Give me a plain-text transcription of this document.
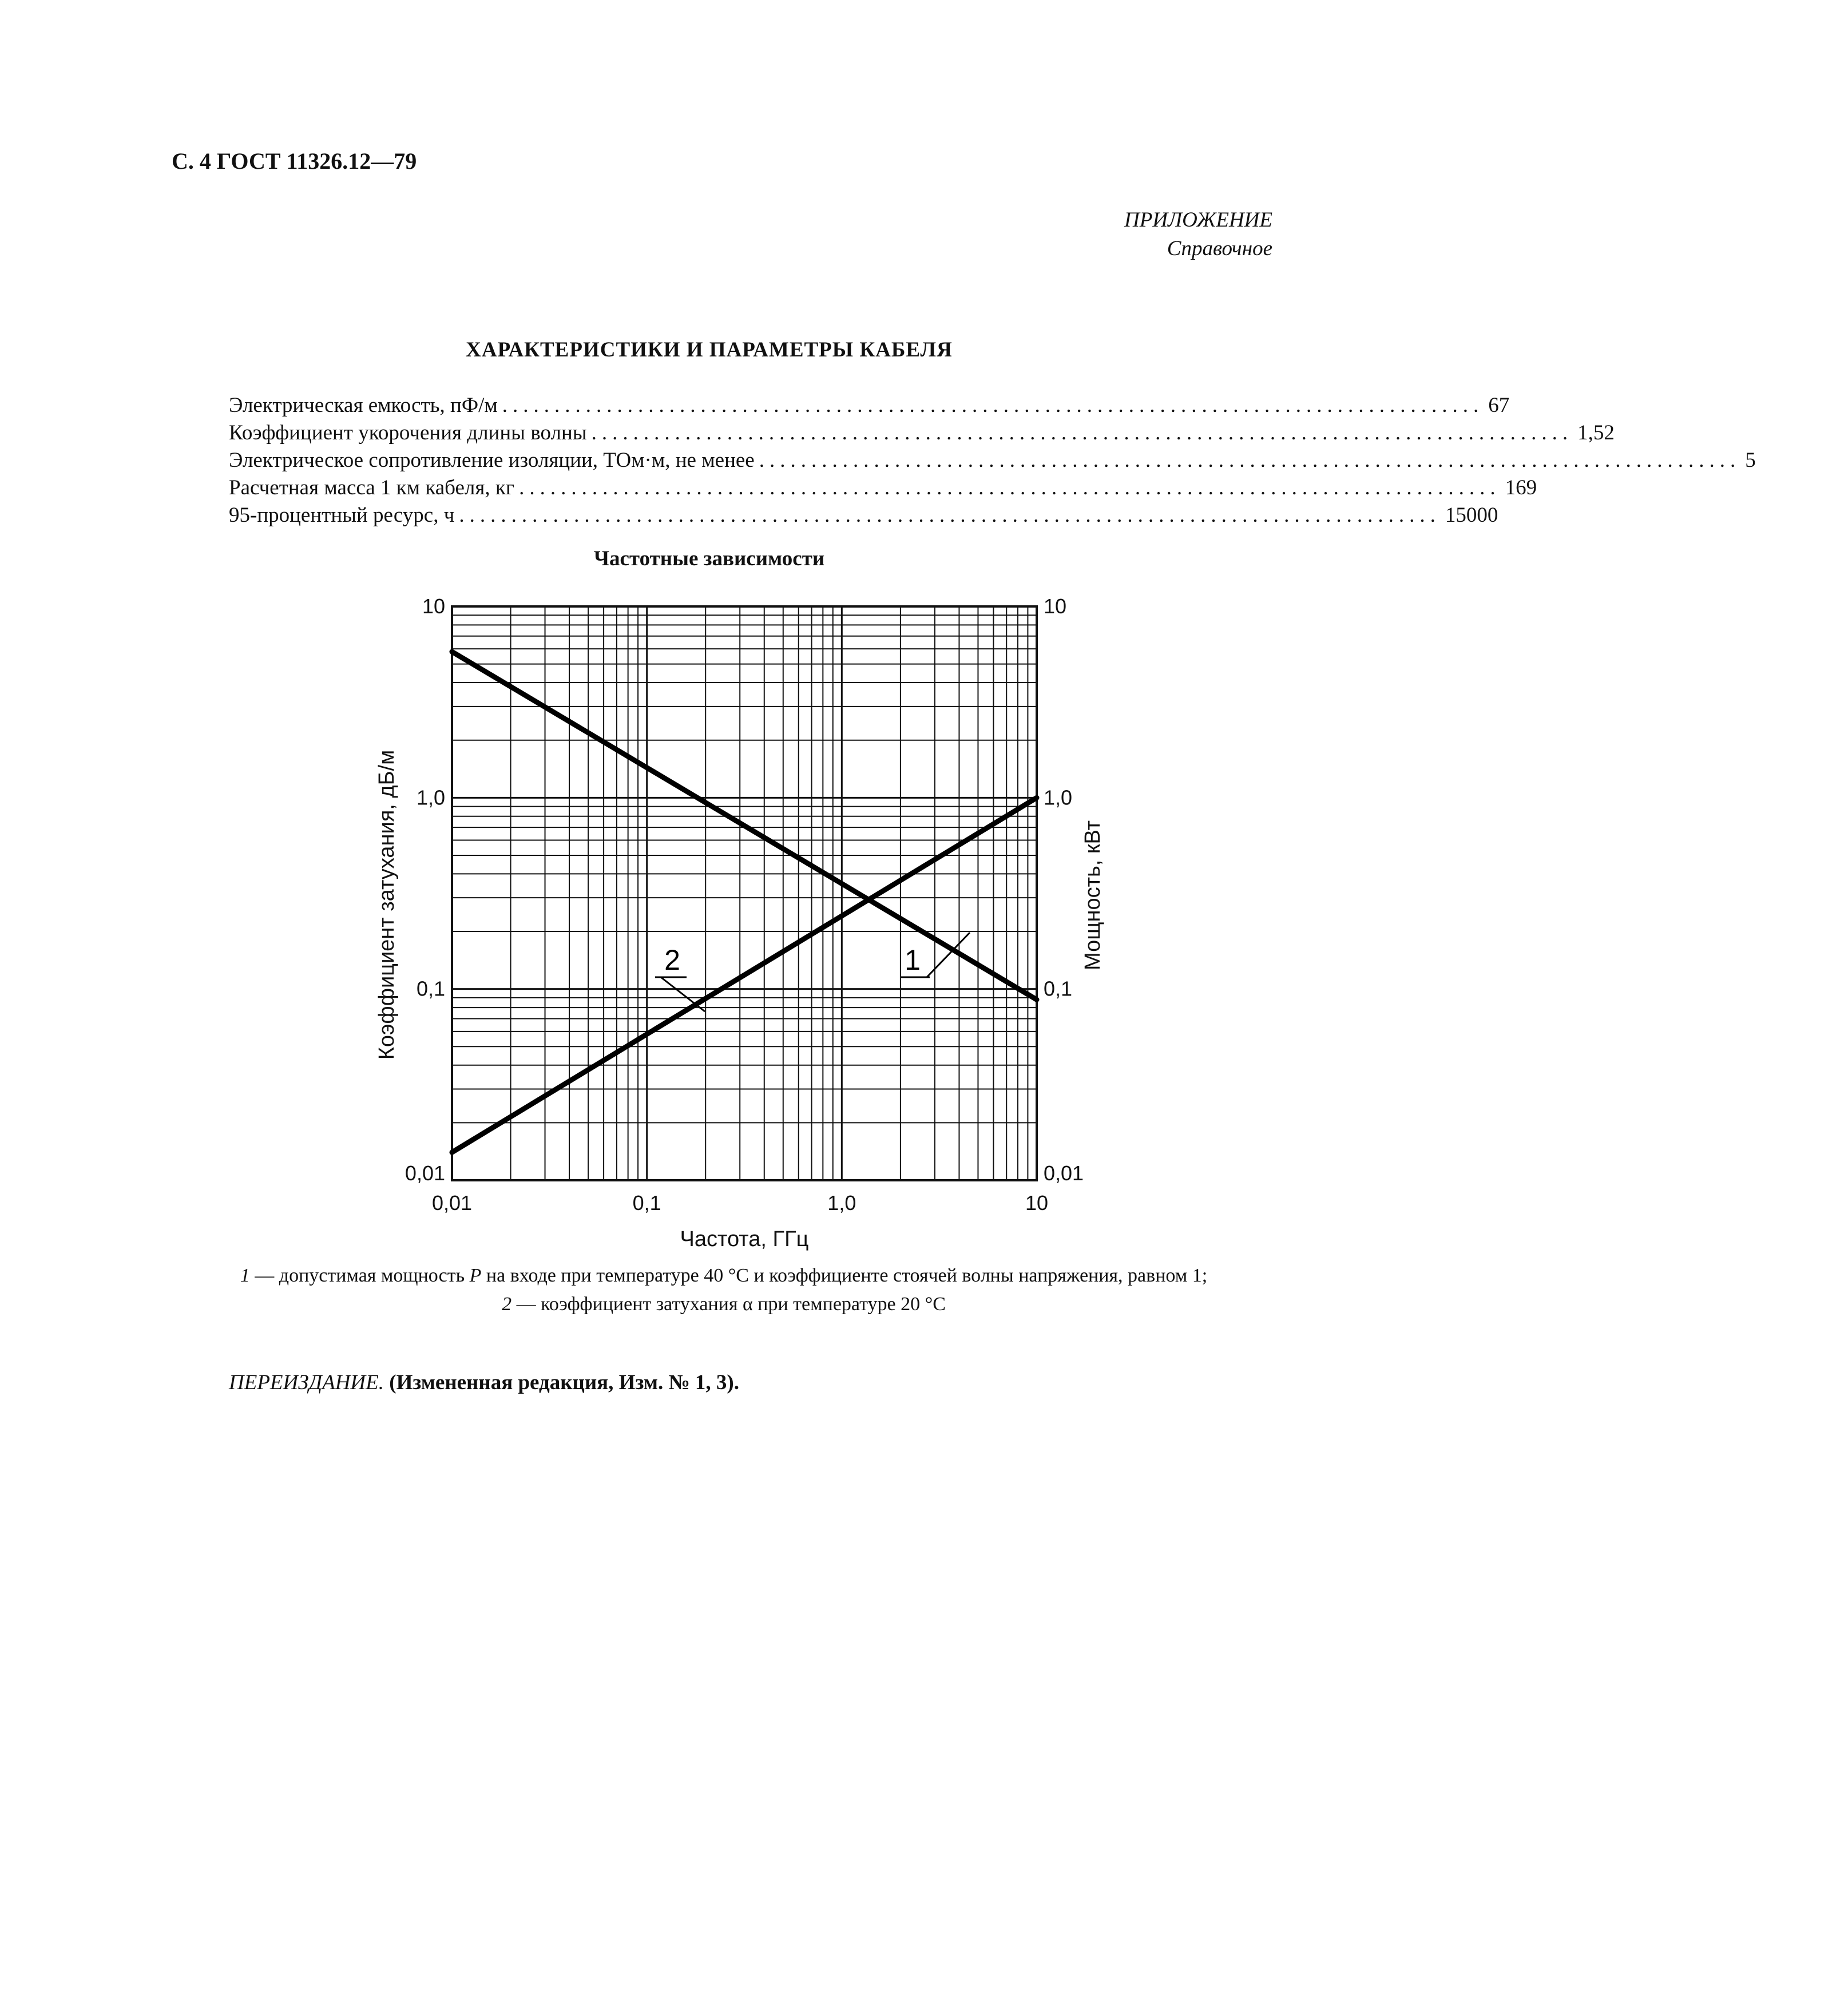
С. 4 ГОСТ 11326.12—79
ПРИЛОЖЕНИЕ
Справочное
ХАРАКТЕРИСТИКИ И ПАРАМЕТРЫ КАБЕЛЯ
Электрическая емкость, пФ/м .............................................................................................. 67
Коэффициент укорочения длины волны .............................................................................................. 1,52
Электрическое сопротивление изоляции, ТОм·м, не менее .............................................................................................. 5
Расчетная масса 1 км кабеля, кг .............................................................................................. 169
95-процентный ресурс, ч .............................................................................................. 15000
Частотные зависимости
2	1
0,01	0,1	1,0	10
0,01
0,1
1,0
10
0,01
0,1
1,0
10
Частота, ГГц
Коэффициент затухания, дБ/м	Мощность, кВт
1 — допустимая мощность P на входе при температуре 40 °С и коэффициенте стоячей волны напряжения, равном 1;
2 — коэффициент затухания α при температуре 20 °С
ПЕРЕИЗДАНИЕ. (Измененная редакция, Изм. № 1, 3).
